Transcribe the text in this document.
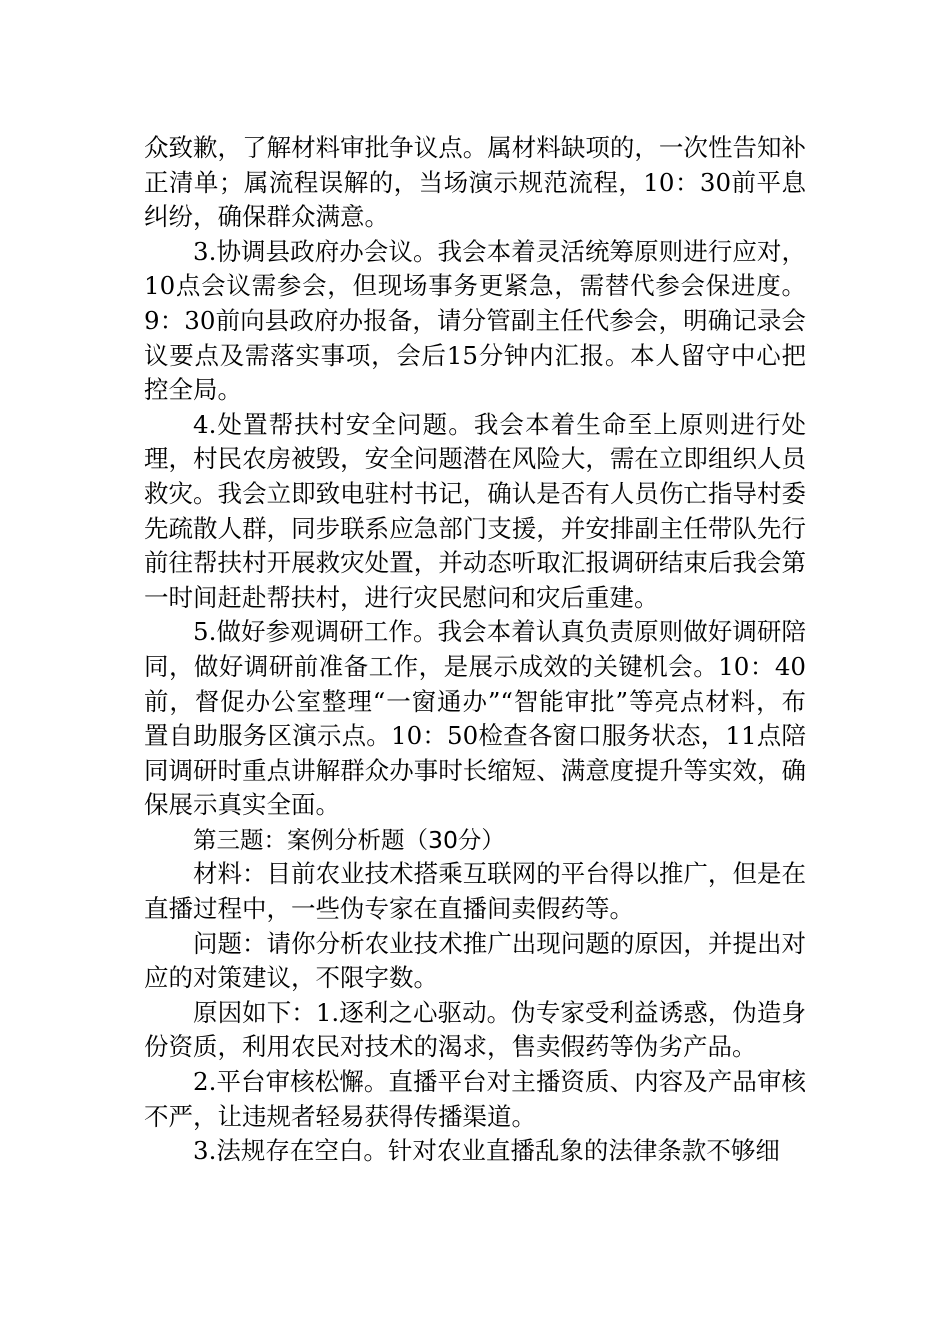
众致歉，了解材料审批争议点。属材料缺项的，一次性告知补正清单；属流程误解的，当场演示规范流程，10：30前平息纠纷，确保群众满意。

3.协调县政府办会议。我会本着灵活统筹原则进行应对，10点会议需参会，但现场事务更紧急，需替代参会保进度。9：30前向县政府办报备，请分管副主任代参会，明确记录会议要点及需落实事项，会后15分钟内汇报。本人留守中心把控全局。

4.处置帮扶村安全问题。我会本着生命至上原则进行处理，村民农房被毁，安全问题潜在风险大，需在立即组织人员救灾。我会立即致电驻村书记，确认是否有人员伤亡指导村委先疏散人群，同步联系应急部门支援，并安排副主任带队先行前往帮扶村开展救灾处置，并动态听取汇报调研结束后我会第一时间赶赴帮扶村，进行灾民慰问和灾后重建。

5.做好参观调研工作。我会本着认真负责原则做好调研陪同，做好调研前准备工作，是展示成效的关键机会。10：40前，督促办公室整理“一窗通办”“智能审批”等亮点材料，布置自助服务区演示点。10：50检查各窗口服务状态，11点陪同调研时重点讲解群众办事时长缩短、满意度提升等实效，确保展示真实全面。

第三题：案例分析题（30分）

材料：目前农业技术搭乘互联网的平台得以推广，但是在直播过程中，一些伪专家在直播间卖假药等。

问题：请你分析农业技术推广出现问题的原因，并提出对应的对策建议，不限字数。

原因如下：1.逐利之心驱动。伪专家受利益诱惑，伪造身份资质，利用农民对技术的渴求，售卖假药等伪劣产品。

2.平台审核松懈。直播平台对主播资质、内容及产品审核不严，让违规者轻易获得传播渠道。

3.法规存在空白。针对农业直播乱象的法律条款不够细
